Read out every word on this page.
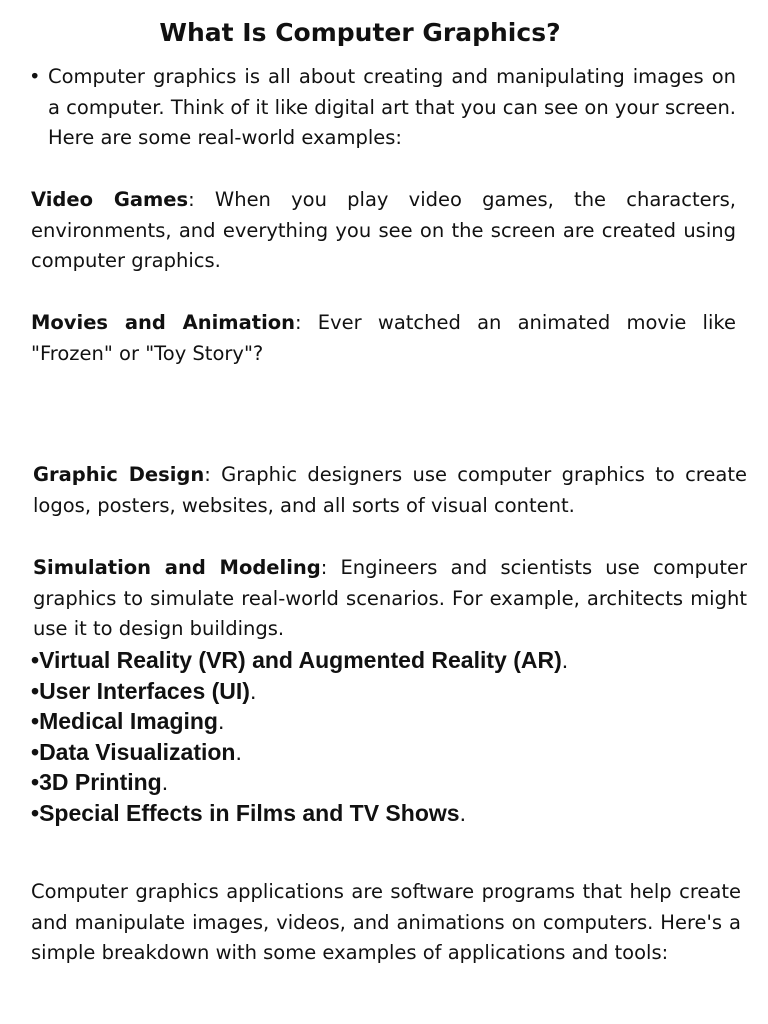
What Is Computer Graphics?
• Computer graphics is all about creating and manipulating images on a computer. Think of it like digital art that you can see on your screen. Here are some real-world examples:

Video Games: When you play video games, the characters, environments, and everything you see on the screen are created using computer graphics.

Movies and Animation: Ever watched an animated movie like "Frozen" or "Toy Story"?

Graphic Design: Graphic designers use computer graphics to create logos, posters, websites, and all sorts of visual content.

Simulation and Modeling: Engineers and scientists use computer graphics to simulate real-world scenarios. For example, architects might use it to design buildings.

•Virtual Reality (VR) and Augmented Reality (AR).
•User Interfaces (UI).
•Medical Imaging.
•Data Visualization.
•3D Printing.
•Special Effects in Films and TV Shows.

Computer graphics applications are software programs that help create and manipulate images, videos, and animations on computers. Here's a simple breakdown with some examples of applications and tools:
